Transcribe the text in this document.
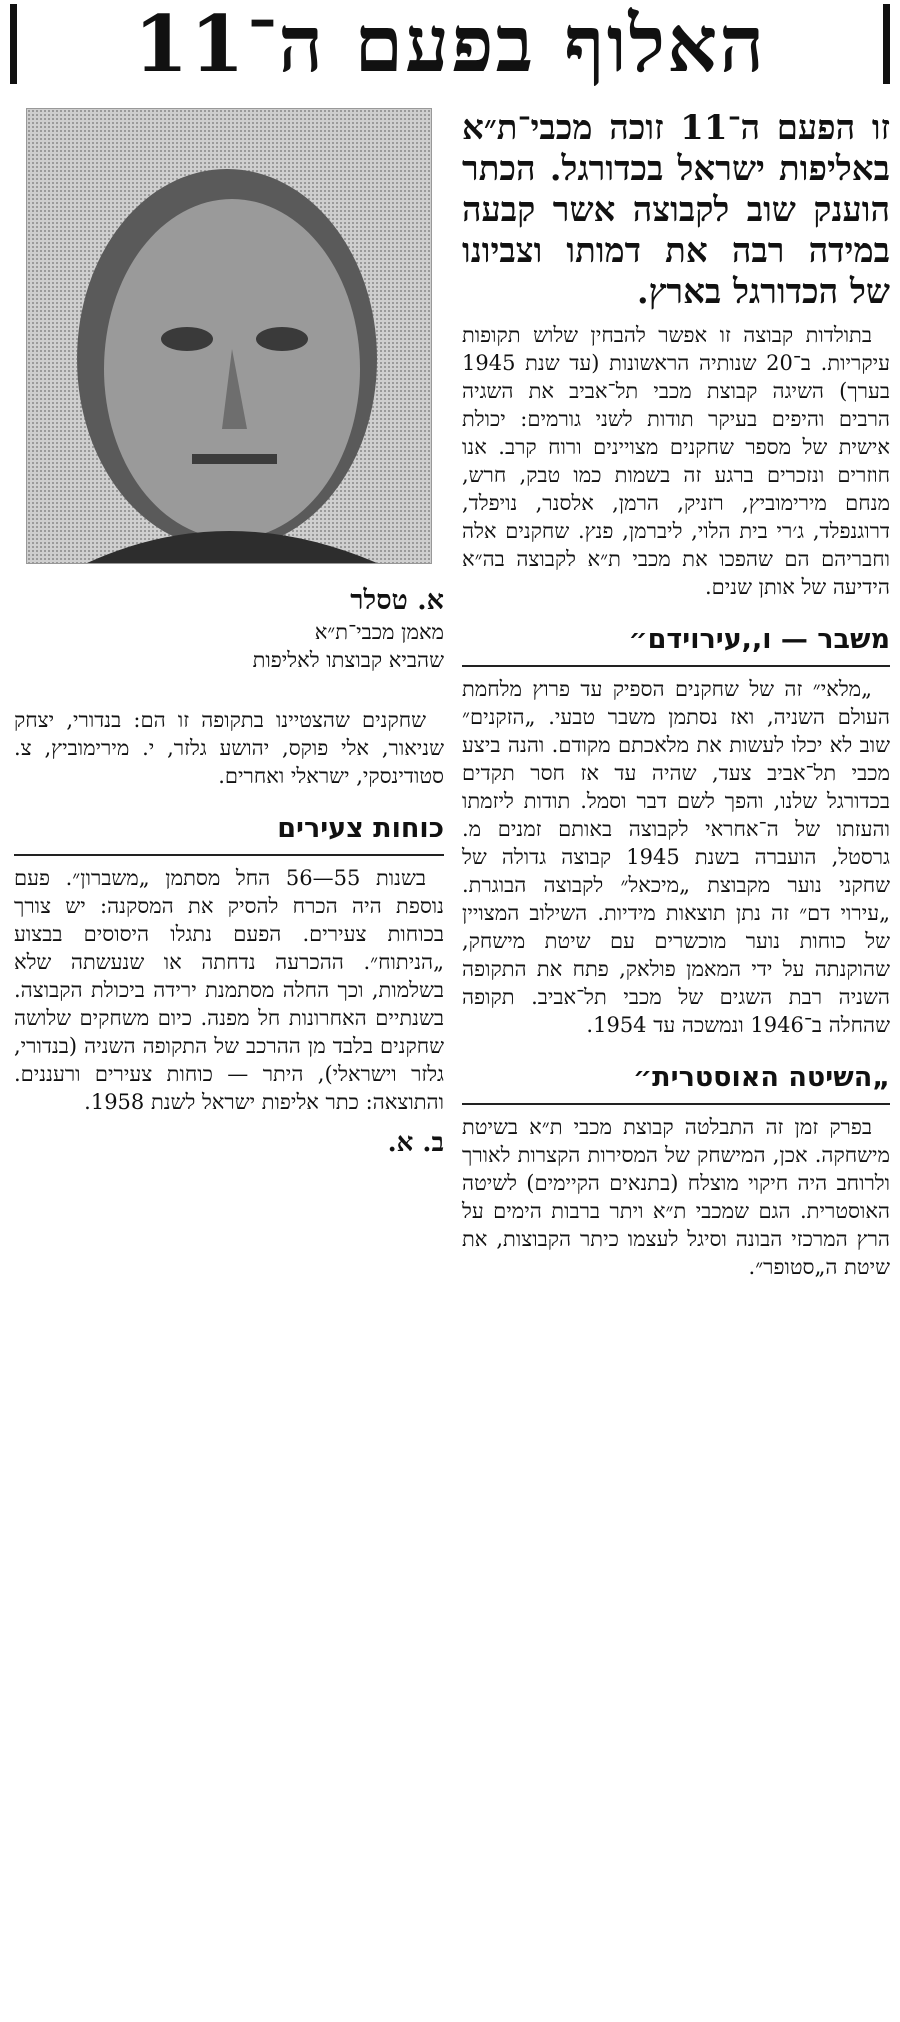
האלוף בפעם ה־11

זו הפעם ה־11 זוכה מכבי־ת״א באליפות ישראל בכדורגל. הכתר הוענק שוב לקבוצה אשר קבעה במידה רבה את דמותו וצביונו של הכדורגל בארץ.

בתולדות קבוצה זו אפשר להבחין שלוש תקופות עיקריות. ב־20 שנותיה הראשונות (עד שנת 1945 בערך) השיגה קבוצת מכבי תל־אביב את השגיה הרבים והיפים בעיקר תודות לשני גורמים: יכולת אישית של מספר שחקנים מצויינים ורוח קרב. אנו חוזרים ונזכרים ברגע זה בשמות כמו טבק, חרש, מנחם מירימוביץ, רזניק, הרמן, אלסנר, נויפלד, דרוגנפלד, ג׳רי בית הלוי, ליברמן, פנץ. שחקנים אלה וחבריהם הם שהפכו את מכבי ת״א לקבוצה בה״א הידיעה של אותן שנים.

משבר — ו,,עירוידם״

„מלאי״ זה של שחקנים הספיק עד פרוץ מלחמת העולם השניה, ואז נסתמן משבר טבעי. „הזקנים״ שוב לא יכלו לעשות את מלאכתם מקודם. והנה ביצע מכבי תל־אביב צעד, שהיה עד אז חסר תקדים בכדורגל שלנו, והפך לשם דבר וסמל. תודות ליזמתו והעזתו של ה־אחראי לקבוצה באותם זמנים מ. גרסטל, הועברה בשנת 1945 קבוצה גדולה של שחקני נוער מקבוצת „מיכאל״ לקבוצה הבוגרת. „עירוי דם״ זה נתן תוצאות מידיות. השילוב המצויין של כוחות נוער מוכשרים עם שיטת מישחק, שהוקנתה על ידי המאמן פולאק, פתח את התקופה השניה רבת השגים של מכבי תל־אביב. תקופה שהחלה ב־1946 ונמשכה עד 1954.

„השיטה האוסטרית״

בפרק זמן זה התבלטה קבוצת מכבי ת״א בשיטת מישחקה. אכן, המישחק של המסירות הקצרות לאורך ולרוחב היה חיקוי מוצלח (בתנאים הקיימים) לשיטה האוסטרית. הגם שמכבי ת״א ויתר ברבות הימים על הרץ המרכזי הבונה וסיגל לעצמו כיתר הקבוצות, את שיטת ה„סטופר״.

א. טסלר

מאמן מכבי־ת״א

שהביא קבוצתו לאליפות

שחקנים שהצטיינו בתקופה זו הם: בנדורי, יצחק שניאור, אלי פוקס, יהושע גלזר, י. מירימוביץ, צ. סטודינסקי, ישראלי ואחרים.

כוחות צעירים

בשנות 55—56 החל מסתמן „משברון״. פעם נוספת היה הכרח להסיק את המסקנה: יש צורך בכוחות צעירים. הפעם נתגלו היסוסים בבצוע „הניתוח״. ההכרעה נדחתה או שנעשתה שלא בשלמות, וכך החלה מסתמנת ירידה ביכולת הקבוצה. בשנתיים האחרונות חל מפנה. כיום משחקים שלושה שחקנים בלבד מן ההרכב של התקופה השניה (בנדורי, גלזר וישראלי), היתר — כוחות צעירים ורעננים. והתוצאה: כתר אליפות ישראל לשנת 1958.

ב. א.
